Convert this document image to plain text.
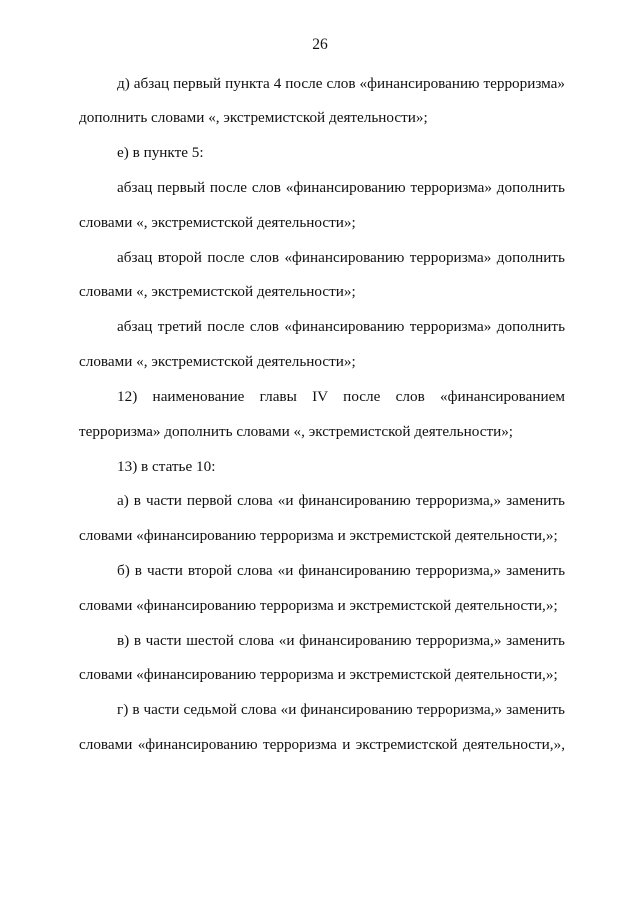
26
д) абзац первый пункта 4 после слов «финансированию терроризма»
дополнить словами «, экстремистской деятельности»;
е) в пункте 5:
абзац первый после слов «финансированию терроризма» дополнить
словами «, экстремистской деятельности»;
абзац второй после слов «финансированию терроризма» дополнить
словами «, экстремистской деятельности»;
абзац третий после слов «финансированию терроризма» дополнить
словами «, экстремистской деятельности»;
12) наименование главы IV после слов «финансированием
терроризма» дополнить словами «, экстремистской деятельности»;
13) в статье 10:
а) в части первой слова «и финансированию терроризма,» заменить
словами «финансированию терроризма и экстремистской деятельности,»;
б) в части второй слова «и финансированию терроризма,» заменить
словами «финансированию терроризма и экстремистской деятельности,»;
в) в части шестой слова «и финансированию терроризма,» заменить
словами «финансированию терроризма и экстремистской деятельности,»;
г) в части седьмой слова «и финансированию терроризма,» заменить
словами «финансированию терроризма и экстремистской деятельности,»,
